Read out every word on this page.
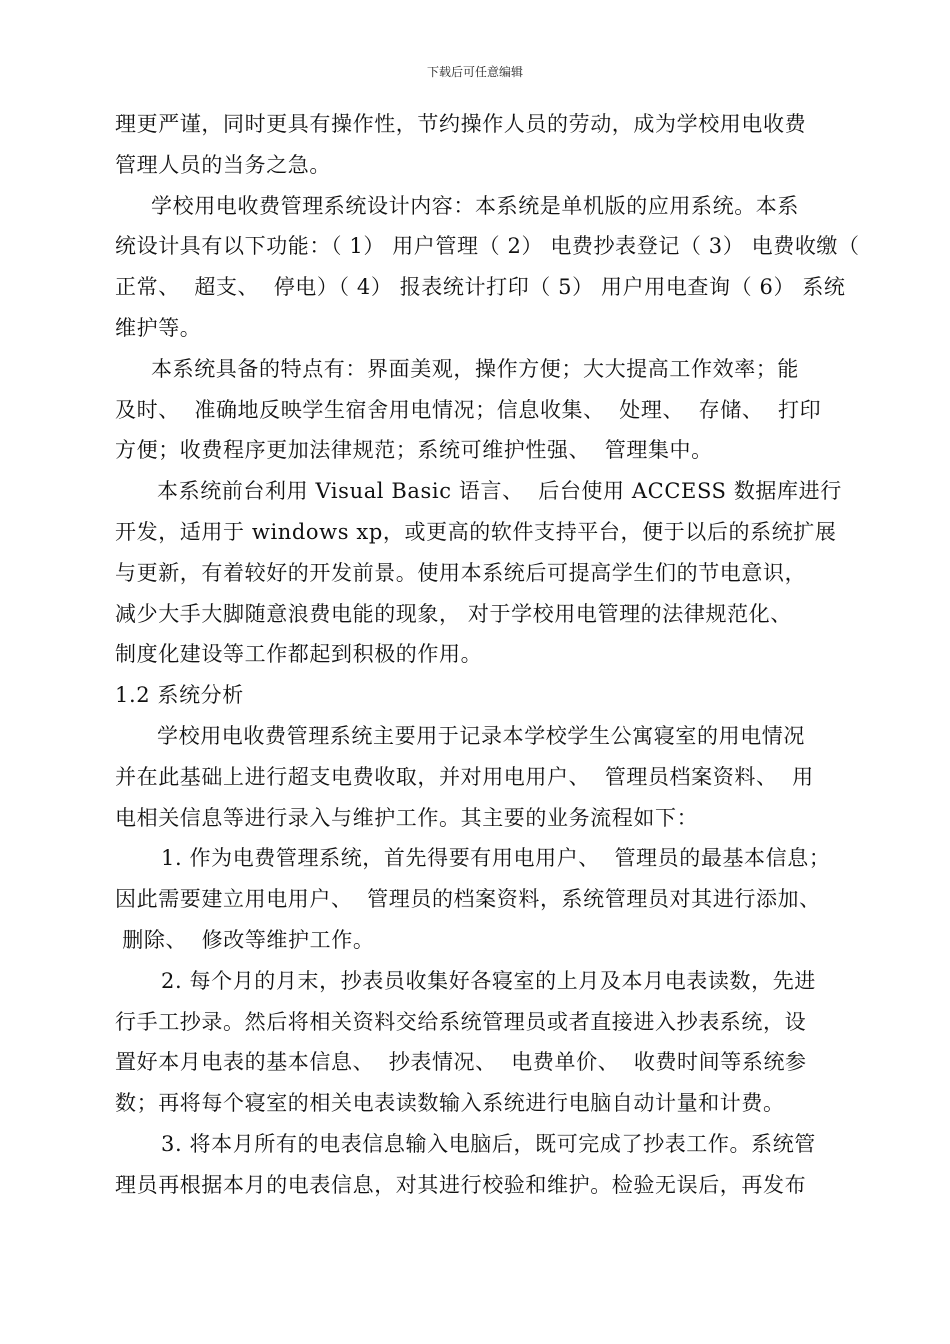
下载后可任意编辑
理更严谨，同时更具有操作性，节约操作人员的劳动，成为学校用电收费
管理人员的当务之急。
学校用电收费管理系统设计内容：本系统是单机版的应用系统。本系
统设计具有以下功能：（ 1） 用户管理（ 2） 电费抄表登记（ 3） 电费收缴（
正常、  超支、  停电）（ 4） 报表统计打印（ 5） 用户用电查询（ 6） 系统
维护等。
本系统具备的特点有：界面美观，操作方便；大大提高工作效率；能
及时、  准确地反映学生宿舍用电情况；信息收集、  处理、  存储、  打印
方便；收费程序更加法律规范；系统可维护性强、  管理集中。
本系统前台利用 Visual Basic 语言、  后台使用 ACCESS 数据库进行
开发，适用于 windows xp，或更高的软件支持平台，便于以后的系统扩展
与更新，有着较好的开发前景。使用本系统后可提高学生们的节电意识，
减少大手大脚随意浪费电能的现象， 对于学校用电管理的法律规范化、
制度化建设等工作都起到积极的作用。
1.2 系统分析
学校用电收费管理系统主要用于记录本学校学生公寓寝室的用电情况
并在此基础上进行超支电费收取，并对用电用户、  管理员档案资料、  用
电相关信息等进行录入与维护工作。其主要的业务流程如下：
1. 作为电费管理系统，首先得要有用电用户、  管理员的最基本信息；
因此需要建立用电用户、  管理员的档案资料，系统管理员对其进行添加、
删除、  修改等维护工作。
2. 每个月的月末，抄表员收集好各寝室的上月及本月电表读数，先进
行手工抄录。然后将相关资料交给系统管理员或者直接进入抄表系统，设
置好本月电表的基本信息、  抄表情况、  电费单价、  收费时间等系统参
数；再将每个寝室的相关电表读数输入系统进行电脑自动计量和计费。
3. 将本月所有的电表信息输入电脑后，既可完成了抄表工作。系统管
理员再根据本月的电表信息，对其进行校验和维护。检验无误后，再发布
